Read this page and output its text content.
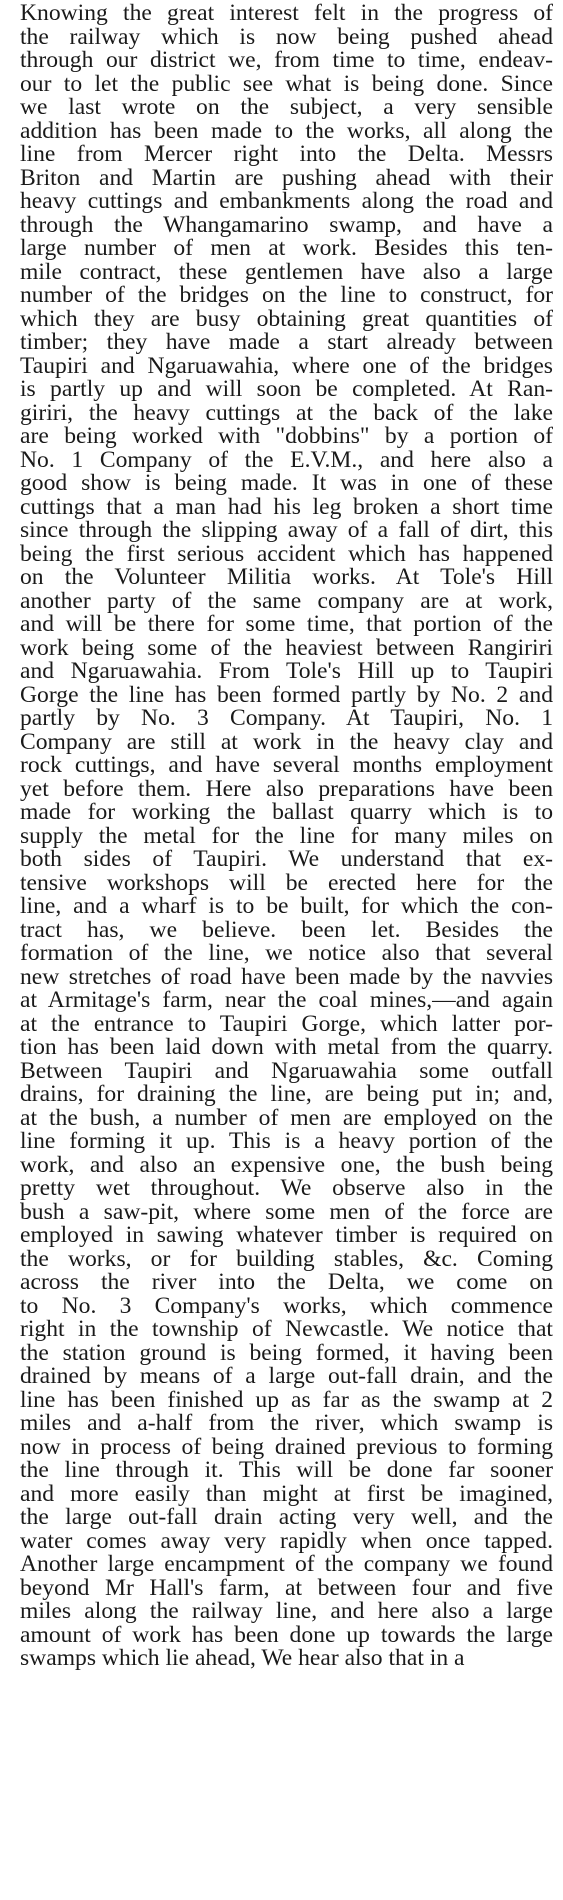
Knowing the great interest felt in the progress of
the railway which is now being pushed ahead
through our district we, from time to time, endeav-
our to let the public see what is being done. Since
we last wrote on the subject, a very sensible
addition has been made to the works, all along the
line from Mercer right into the Delta. Messrs
Briton and Martin are pushing ahead with their
heavy cuttings and embankments along the road and
through the Whangamarino swamp, and have a
large number of men at work. Besides this ten-
mile contract, these gentlemen have also a large
number of the bridges on the line to construct, for
which they are busy obtaining great quantities of
timber; they have made a start already between
Taupiri and Ngaruawahia, where one of the bridges
is partly up and will soon be completed. At Ran-
giriri, the heavy cuttings at the back of the lake
are being worked with "dobbins" by a portion of
No. 1 Company of the E.V.M., and here also a
good show is being made. It was in one of these
cuttings that a man had his leg broken a short time
since through the slipping away of a fall of dirt, this
being the first serious accident which has happened
on the Volunteer Militia works. At Tole's Hill
another party of the same company are at work,
and will be there for some time, that portion of the
work being some of the heaviest between Rangiriri
and Ngaruawahia. From Tole's Hill up to Taupiri
Gorge the line has been formed partly by No. 2 and
partly by No. 3 Company. At Taupiri, No. 1
Company are still at work in the heavy clay and
rock cuttings, and have several months employment
yet before them. Here also preparations have been
made for working the ballast quarry which is to
supply the metal for the line for many miles on
both sides of Taupiri. We understand that ex-
tensive workshops will be erected here for the
line, and a wharf is to be built, for which the con-
tract has, we believe. been let. Besides the
formation of the line, we notice also that several
new stretches of road have been made by the navvies
at Armitage's farm, near the coal mines,—and again
at the entrance to Taupiri Gorge, which latter por-
tion has been laid down with metal from the quarry.
Between Taupiri and Ngaruawahia some outfall
drains, for draining the line, are being put in; and,
at the bush, a number of men are employed on the
line forming it up. This is a heavy portion of the
work, and also an expensive one, the bush being
pretty wet throughout. We observe also in the
bush a saw-pit, where some men of the force are
employed in sawing whatever timber is required on
the works, or for building stables, &c. Coming
across the river into the Delta, we come on
to No. 3 Company's works, which commence
right in the township of Newcastle. We notice that
the station ground is being formed, it having been
drained by means of a large out-fall drain, and the
line has been finished up as far as the swamp at 2
miles and a-half from the river, which swamp is
now in process of being drained previous to forming
the line through it. This will be done far sooner
and more easily than might at first be imagined,
the large out-fall drain acting very well, and the
water comes away very rapidly when once tapped.
Another large encampment of the company we found
beyond Mr Hall's farm, at between four and five
miles along the railway line, and here also a large
amount of work has been done up towards the large
swamps which lie ahead, We hear also that in a
